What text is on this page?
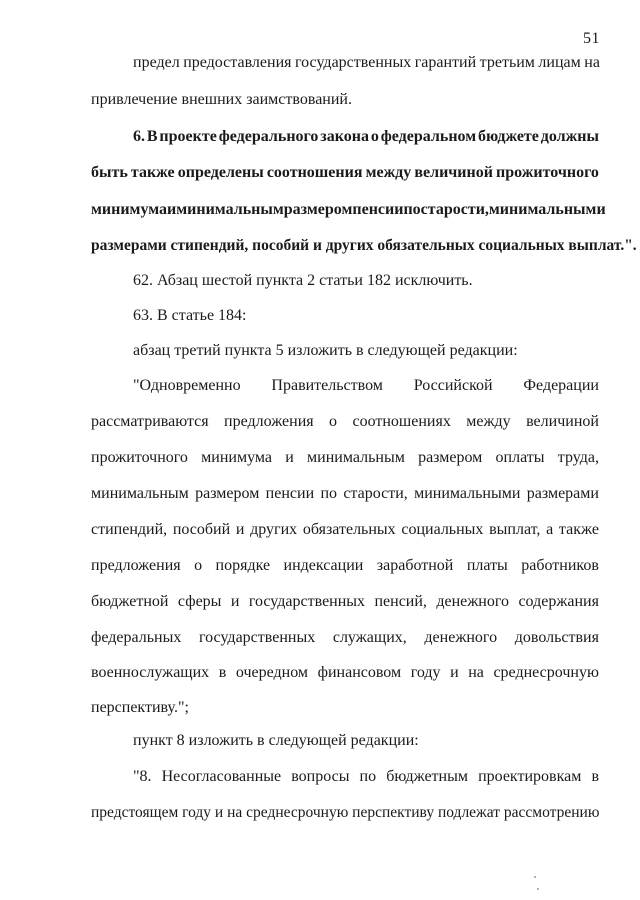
51
предел предоставления государственных гарантий третьим лицам на
привлечение внешних заимствований.
6. В проекте федерального закона о федеральном бюджете должны
быть также определены соотношения между величиной прожиточного
минимума и минимальным размером пенсии по старости, минимальными
размерами стипендий, пособий и других обязательных социальных выплат.".
62. Абзац шестой пункта 2 статьи 182 исключить.
63. В статье 184:
абзац третий пункта 5 изложить в следующей редакции:
"Одновременно Правительством Российской Федерации
рассматриваются предложения о соотношениях между величиной
прожиточного минимума и минимальным размером оплаты труда,
минимальным размером пенсии по старости, минимальными размерами
стипендий, пособий и других обязательных социальных выплат, а также
предложения о порядке индексации заработной платы работников
бюджетной сферы и государственных пенсий, денежного содержания
федеральных государственных служащих, денежного довольствия
военнослужащих в очередном финансовом году и на среднесрочную
перспективу.";
пункт 8 изложить в следующей редакции:
"8. Несогласованные вопросы по бюджетным проектировкам в
предстоящем году и на среднесрочную перспективу подлежат рассмотрению
